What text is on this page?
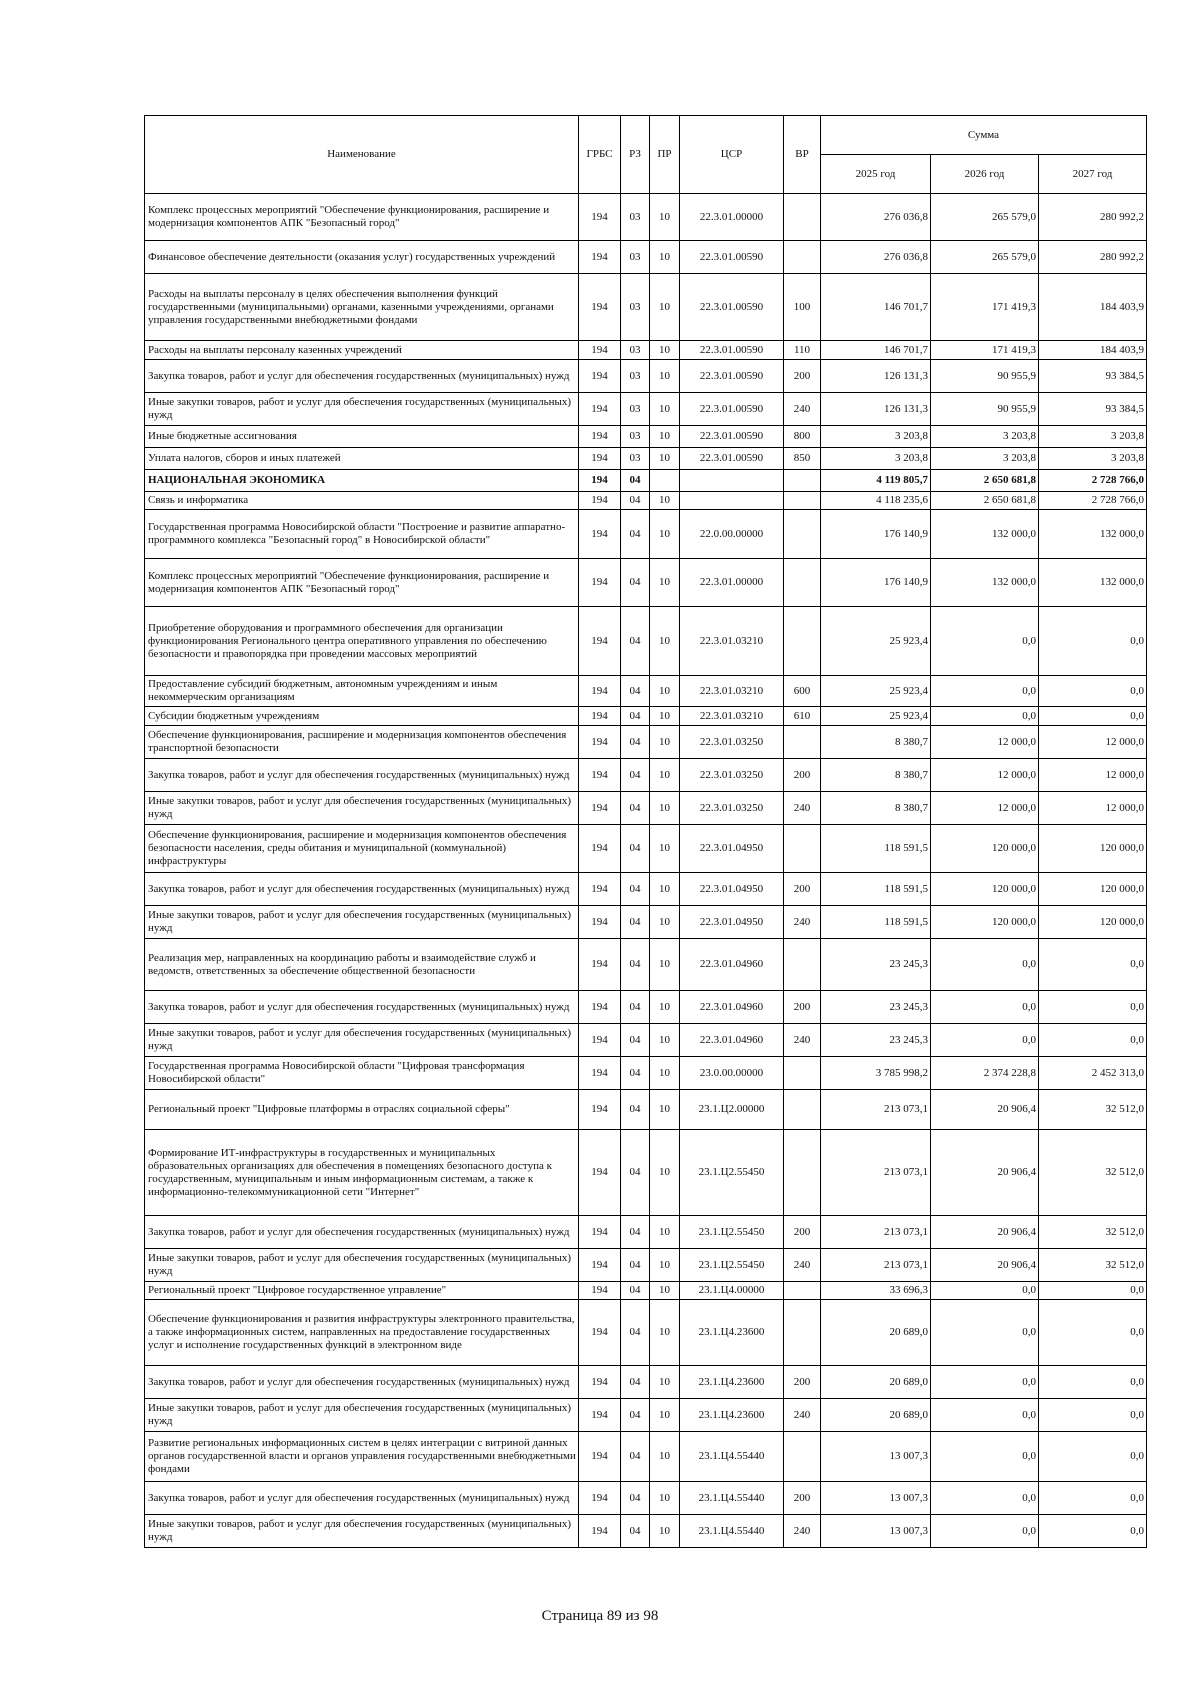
Наименование	ГРБС	РЗ	ПР	ЦСР	ВР	Сумма		
						2025 год	2026 год	2027 год
Комплекс процессных мероприятий "Обеспечение функционирования, расширение и модернизация компонентов АПК "Безопасный город"	194	03	10	22.3.01.00000		276 036,8	265 579,0	280 992,2
Финансовое обеспечение деятельности (оказания услуг) государственных учреждений	194	03	10	22.3.01.00590		276 036,8	265 579,0	280 992,2
Расходы на выплаты персоналу в целях обеспечения выполнения функций государственными (муниципальными) органами, казенными учреждениями, органами управления государственными внебюджетными фондами	194	03	10	22.3.01.00590	100	146 701,7	171 419,3	184 403,9
Расходы на выплаты персоналу казенных учреждений	194	03	10	22.3.01.00590	110	146 701,7	171 419,3	184 403,9
Закупка товаров, работ и услуг для обеспечения государственных (муниципальных) нужд	194	03	10	22.3.01.00590	200	126 131,3	90 955,9	93 384,5
Иные закупки товаров, работ и услуг для обеспечения государственных (муниципальных) нужд	194	03	10	22.3.01.00590	240	126 131,3	90 955,9	93 384,5
Иные бюджетные ассигнования	194	03	10	22.3.01.00590	800	3 203,8	3 203,8	3 203,8
Уплата налогов, сборов и иных платежей	194	03	10	22.3.01.00590	850	3 203,8	3 203,8	3 203,8
НАЦИОНАЛЬНАЯ ЭКОНОМИКА	194	04				4 119 805,7	2 650 681,8	2 728 766,0
Связь и информатика	194	04	10			4 118 235,6	2 650 681,8	2 728 766,0
Государственная программа Новосибирской области "Построение и развитие аппаратно-программного комплекса "Безопасный город" в Новосибирской области"	194	04	10	22.0.00.00000		176 140,9	132 000,0	132 000,0
Комплекс процессных мероприятий "Обеспечение функционирования, расширение и модернизация компонентов АПК "Безопасный город"	194	04	10	22.3.01.00000		176 140,9	132 000,0	132 000,0
Приобретение оборудования и программного обеспечения для организации функционирования Регионального центра оперативного управления по обеспечению безопасности и правопорядка при проведении массовых мероприятий	194	04	10	22.3.01.03210		25 923,4	0,0	0,0
Предоставление субсидий бюджетным, автономным учреждениям и иным некоммерческим организациям	194	04	10	22.3.01.03210	600	25 923,4	0,0	0,0
Субсидии бюджетным учреждениям	194	04	10	22.3.01.03210	610	25 923,4	0,0	0,0
Обеспечение функционирования, расширение и модернизация компонентов обеспечения транспортной безопасности	194	04	10	22.3.01.03250		8 380,7	12 000,0	12 000,0
Закупка товаров, работ и услуг для обеспечения государственных (муниципальных) нужд	194	04	10	22.3.01.03250	200	8 380,7	12 000,0	12 000,0
Иные закупки товаров, работ и услуг для обеспечения государственных (муниципальных) нужд	194	04	10	22.3.01.03250	240	8 380,7	12 000,0	12 000,0
Обеспечение функционирования, расширение и модернизация компонентов обеспечения безопасности населения, среды обитания и муниципальной (коммунальной) инфраструктуры	194	04	10	22.3.01.04950		118 591,5	120 000,0	120 000,0
Закупка товаров, работ и услуг для обеспечения государственных (муниципальных) нужд	194	04	10	22.3.01.04950	200	118 591,5	120 000,0	120 000,0
Иные закупки товаров, работ и услуг для обеспечения государственных (муниципальных) нужд	194	04	10	22.3.01.04950	240	118 591,5	120 000,0	120 000,0
Реализация мер, направленных на координацию работы и взаимодействие служб и ведомств, ответственных за обеспечение общественной безопасности	194	04	10	22.3.01.04960		23 245,3	0,0	0,0
Закупка товаров, работ и услуг для обеспечения государственных (муниципальных) нужд	194	04	10	22.3.01.04960	200	23 245,3	0,0	0,0
Иные закупки товаров, работ и услуг для обеспечения государственных (муниципальных) нужд	194	04	10	22.3.01.04960	240	23 245,3	0,0	0,0
Государственная программа Новосибирской области "Цифровая трансформация Новосибирской области"	194	04	10	23.0.00.00000		3 785 998,2	2 374 228,8	2 452 313,0
Региональный проект "Цифровые платформы в отраслях социальной сферы"	194	04	10	23.1.Ц2.00000		213 073,1	20 906,4	32 512,0
Формирование ИТ-инфраструктуры в государственных и муниципальных образовательных организациях для обеспечения в помещениях безопасного доступа к государственным, муниципальным и иным информационным системам, а также к информационно-телекоммуникационной сети "Интернет"	194	04	10	23.1.Ц2.55450		213 073,1	20 906,4	32 512,0
Закупка товаров, работ и услуг для обеспечения государственных (муниципальных) нужд	194	04	10	23.1.Ц2.55450	200	213 073,1	20 906,4	32 512,0
Иные закупки товаров, работ и услуг для обеспечения государственных (муниципальных) нужд	194	04	10	23.1.Ц2.55450	240	213 073,1	20 906,4	32 512,0
Региональный проект "Цифровое государственное управление"	194	04	10	23.1.Ц4.00000		33 696,3	0,0	0,0
Обеспечение функционирования и развития инфраструктуры электронного правительства, а также информационных систем, направленных на предоставление государственных услуг и исполнение государственных функций в электронном виде	194	04	10	23.1.Ц4.23600		20 689,0	0,0	0,0
Закупка товаров, работ и услуг для обеспечения государственных (муниципальных) нужд	194	04	10	23.1.Ц4.23600	200	20 689,0	0,0	0,0
Иные закупки товаров, работ и услуг для обеспечения государственных (муниципальных) нужд	194	04	10	23.1.Ц4.23600	240	20 689,0	0,0	0,0
Развитие региональных информационных систем в целях интеграции с витриной данных органов государственной власти и органов управления государственными внебюджетными фондами	194	04	10	23.1.Ц4.55440		13 007,3	0,0	0,0
Закупка товаров, работ и услуг для обеспечения государственных (муниципальных) нужд	194	04	10	23.1.Ц4.55440	200	13 007,3	0,0	0,0
Иные закупки товаров, работ и услуг для обеспечения государственных (муниципальных) нужд	194	04	10	23.1.Ц4.55440	240	13 007,3	0,0	0,0
Страница 89 из 98
